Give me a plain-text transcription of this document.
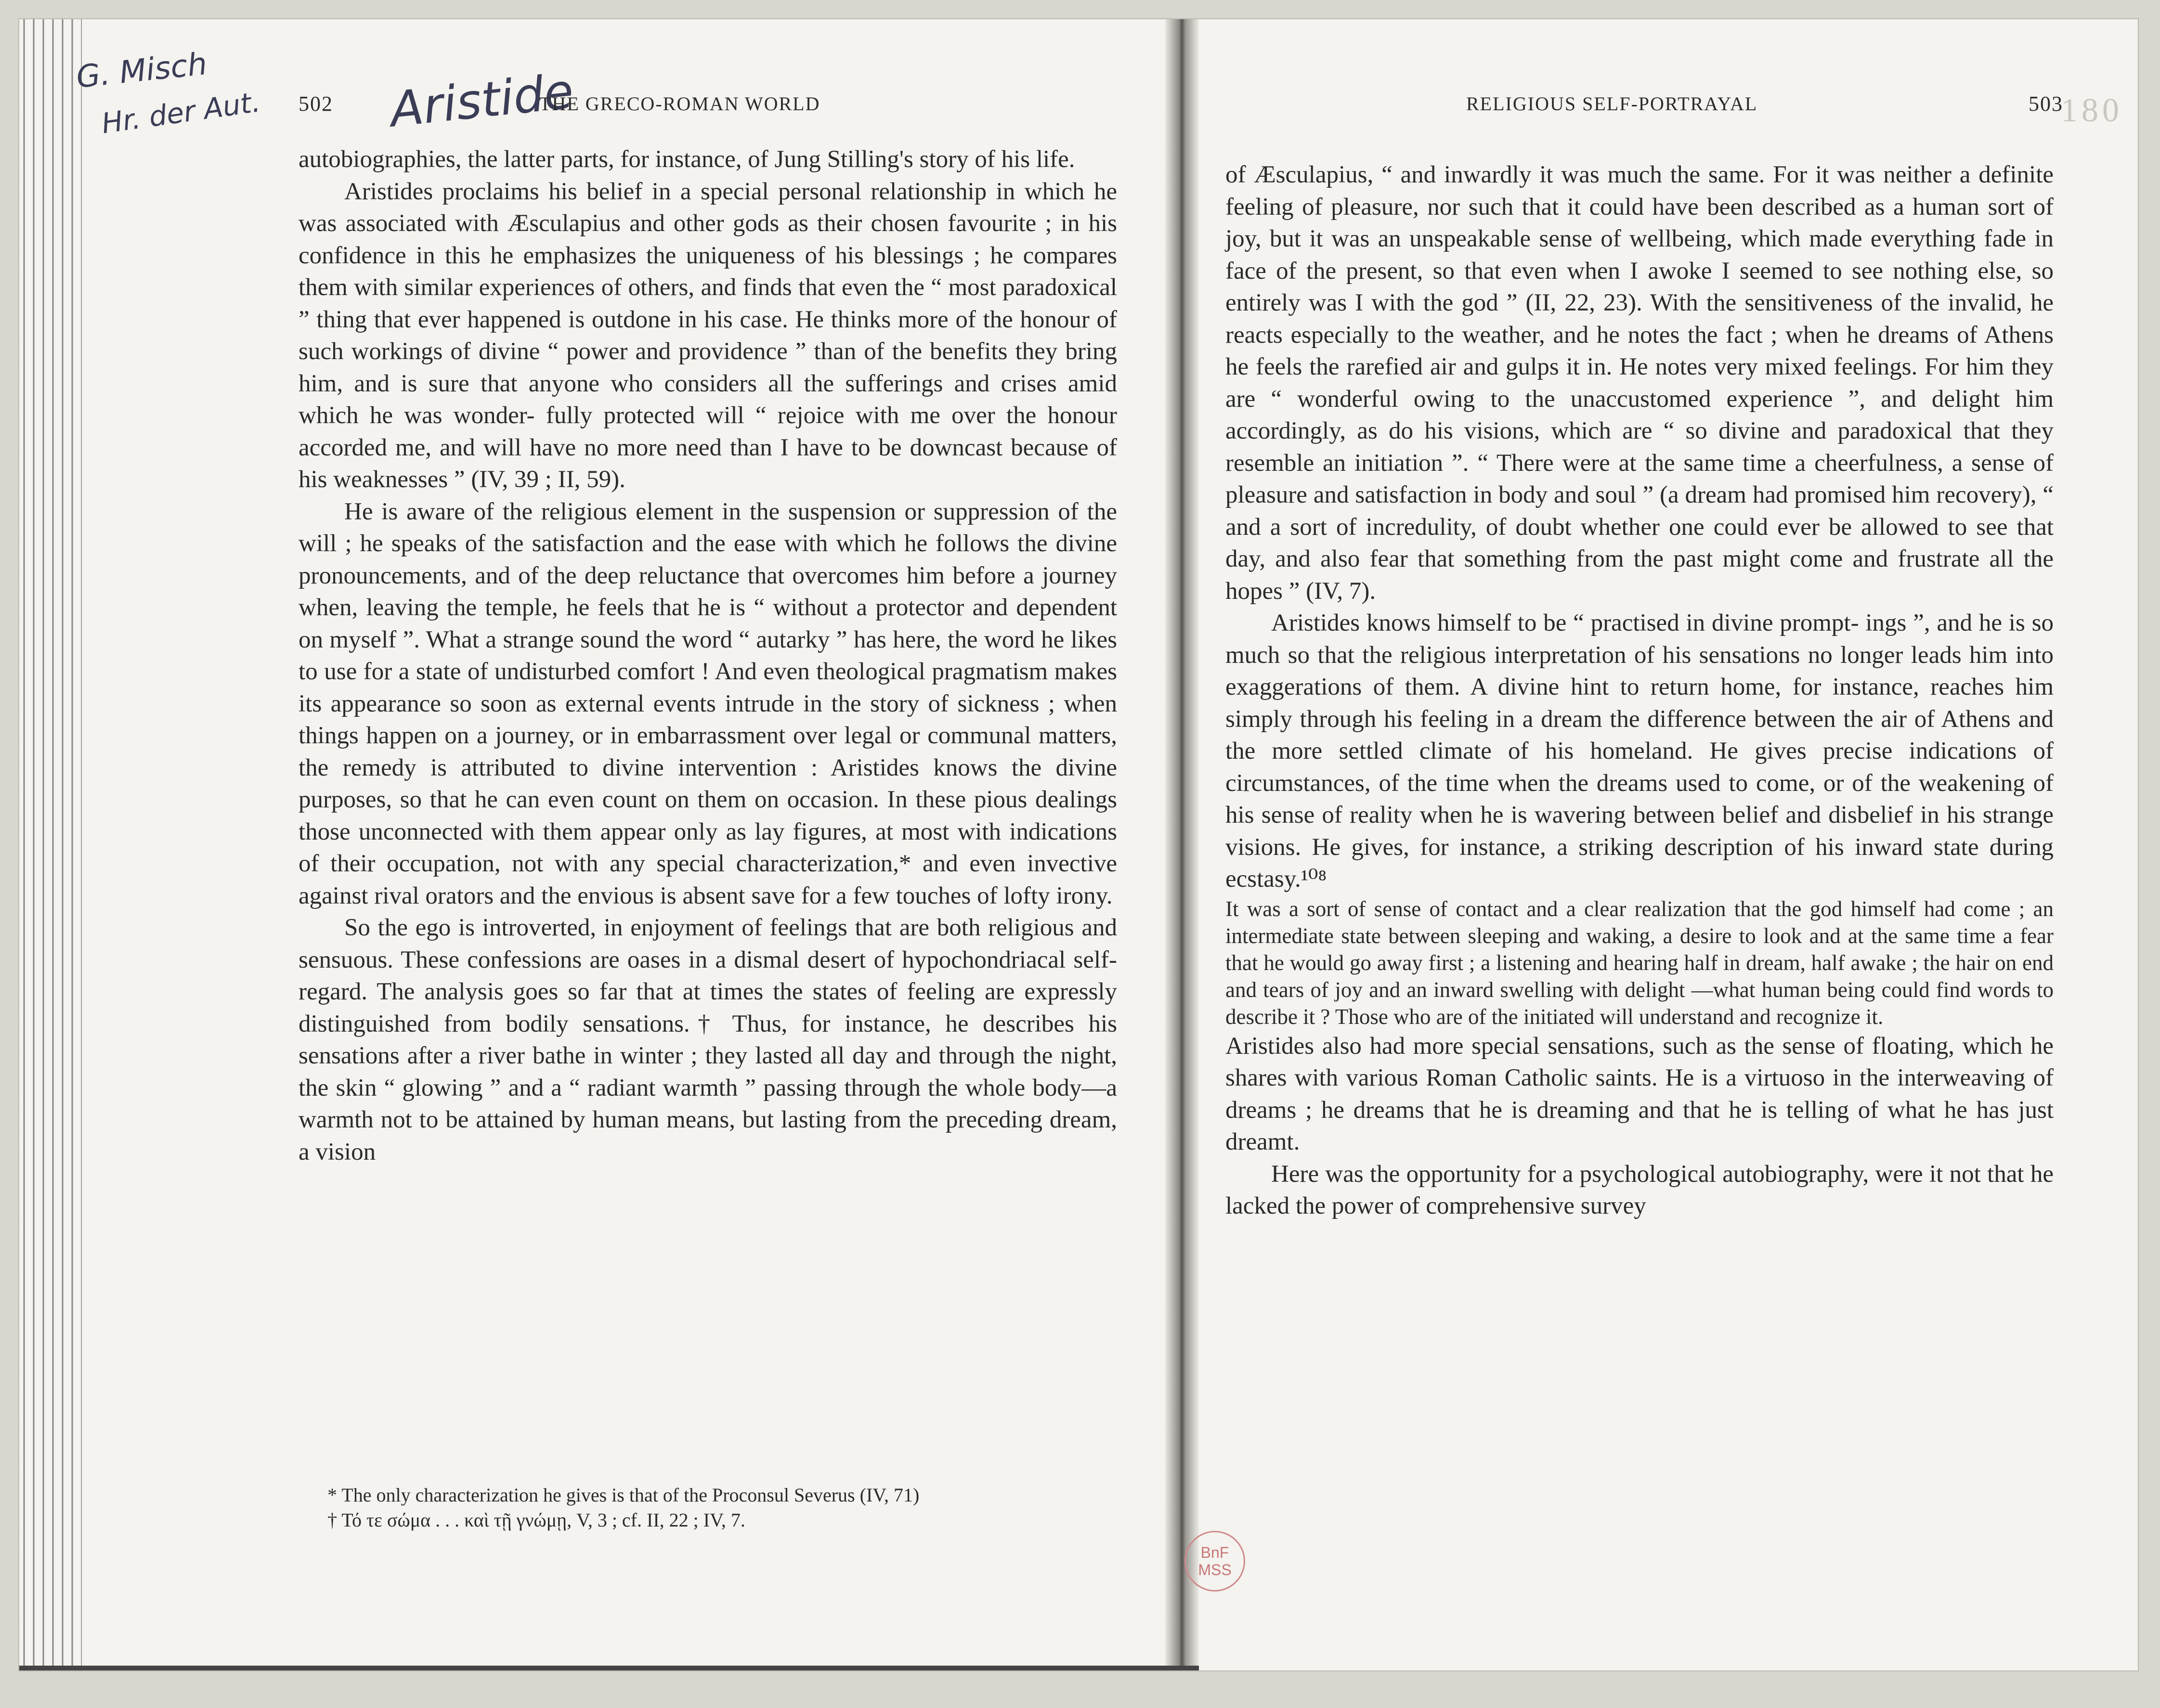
G. Misch
Hr. der Aut.	Aristide	180
BnF MSS
502	THE GRECO-ROMAN WORLD

autobiographies, the latter parts, for instance, of Jung Stilling's story of his life.

Aristides proclaims his belief in a special personal relationship in which he was associated with Æsculapius and other gods as their chosen favourite ; in his confidence in this he emphasizes the uniqueness of his blessings ; he compares them with similar experiences of others, and finds that even the “ most paradoxical ” thing that ever happened is outdone in his case. He thinks more of the honour of such workings of divine “ power and providence ” than of the benefits they bring him, and is sure that anyone who considers all the sufferings and crises amid which he was wonder- fully protected will “ rejoice with me over the honour accorded me, and will have no more need than I have to be downcast because of his weaknesses ” (IV, 39 ; II, 59).

He is aware of the religious element in the suspension or suppression of the will ; he speaks of the satisfaction and the ease with which he follows the divine pronouncements, and of the deep reluctance that overcomes him before a journey when, leaving the temple, he feels that he is “ without a protector and dependent on myself ”. What a strange sound the word “ autarky ” has here, the word he likes to use for a state of undisturbed comfort ! And even theological pragmatism makes its appearance so soon as external events intrude in the story of sickness ; when things happen on a journey, or in embarrassment over legal or communal matters, the remedy is attributed to divine intervention : Aristides knows the divine purposes, so that he can even count on them on occasion. In these pious dealings those unconnected with them appear only as lay figures, at most with indications of their occupation, not with any special characterization,* and even invective against rival orators and the envious is absent save for a few touches of lofty irony.

So the ego is introverted, in enjoyment of feelings that are both religious and sensuous. These confessions are oases in a dismal desert of hypochondriacal self-regard. The analysis goes so far that at times the states of feeling are expressly distinguished from bodily sensations.† Thus, for instance, he describes his sensations after a river bathe in winter ; they lasted all day and through the night, the skin “ glowing ” and a “ radiant warmth ” passing through the whole body—a warmth not to be attained by human means, but lasting from the preceding dream, a vision

* The only characterization he gives is that of the Proconsul Severus (IV, 71)
† Τό τε σώμα . . . καὶ τῇ γνώμῃ, V, 3 ; cf. II, 22 ; IV, 7.
RELIGIOUS SELF-PORTRAYAL	503

of Æsculapius, “ and inwardly it was much the same. For it was neither a definite feeling of pleasure, nor such that it could have been described as a human sort of joy, but it was an unspeakable sense of wellbeing, which made everything fade in face of the present, so that even when I awoke I seemed to see nothing else, so entirely was I with the god ” (II, 22, 23). With the sensitiveness of the invalid, he reacts especially to the weather, and he notes the fact ; when he dreams of Athens he feels the rarefied air and gulps it in. He notes very mixed feelings. For him they are “ wonderful owing to the unaccustomed experience ”, and delight him accordingly, as do his visions, which are “ so divine and paradoxical that they resemble an initiation ”. “ There were at the same time a cheerfulness, a sense of pleasure and satisfaction in body and soul ” (a dream had promised him recovery), “ and a sort of incredulity, of doubt whether one could ever be allowed to see that day, and also fear that something from the past might come and frustrate all the hopes ” (IV, 7).

Aristides knows himself to be “ practised in divine prompt- ings ”, and he is so much so that the religious interpretation of his sensations no longer leads him into exaggerations of them. A divine hint to return home, for instance, reaches him simply through his feeling in a dream the difference between the air of Athens and the more settled climate of his homeland. He gives precise indications of circumstances, of the time when the dreams used to come, or of the weakening of his sense of reality when he is wavering between belief and disbelief in his strange visions. He gives, for instance, a striking description of his inward state during ecstasy.¹⁰⁸

It was a sort of sense of contact and a clear realization that the god himself had come ; an intermediate state between sleeping and waking, a desire to look and at the same time a fear that he would go away first ; a listening and hearing half in dream, half awake ; the hair on end and tears of joy and an inward swelling with delight —what human being could find words to describe it ? Those who are of the initiated will understand and recognize it.

Aristides also had more special sensations, such as the sense of floating, which he shares with various Roman Catholic saints. He is a virtuoso in the interweaving of dreams ; he dreams that he is dreaming and that he is telling of what he has just dreamt.

Here was the opportunity for a psychological autobiography, were it not that he lacked the power of comprehensive survey
